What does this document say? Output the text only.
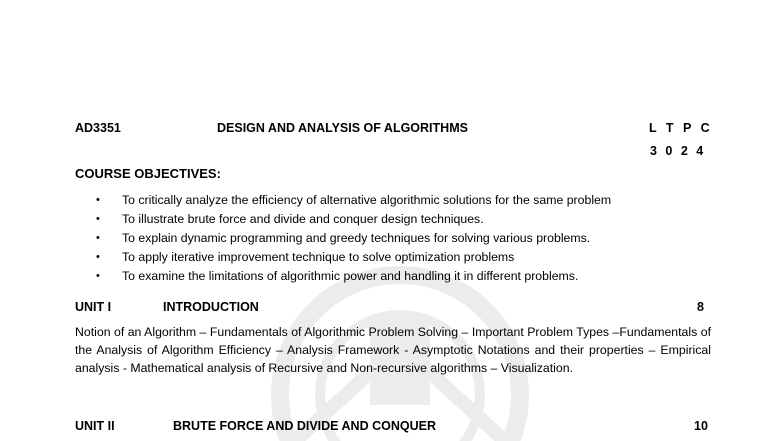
AD3351	DESIGN AND ANALYSIS OF ALGORITHMS	L T P C
3 0 2 4
COURSE OBJECTIVES:
• To critically analyze the efficiency of alternative algorithmic solutions for the same problem
• To illustrate brute force and divide and conquer design techniques.
• To explain dynamic programming and greedy techniques for solving various problems.
• To apply iterative improvement technique to solve optimization problems
• To examine the limitations of algorithmic power and handling it in different problems.
UNIT I	INTRODUCTION	8
Notion of an Algorithm – Fundamentals of Algorithmic Problem Solving – Important Problem Types –Fundamentals of the Analysis of Algorithm Efficiency – Analysis Framework - Asymptotic Notations and their properties – Empirical analysis - Mathematical analysis of Recursive and Non-recursive algorithms – Visualization.
UNIT II	BRUTE FORCE AND DIVIDE AND CONQUER	10
